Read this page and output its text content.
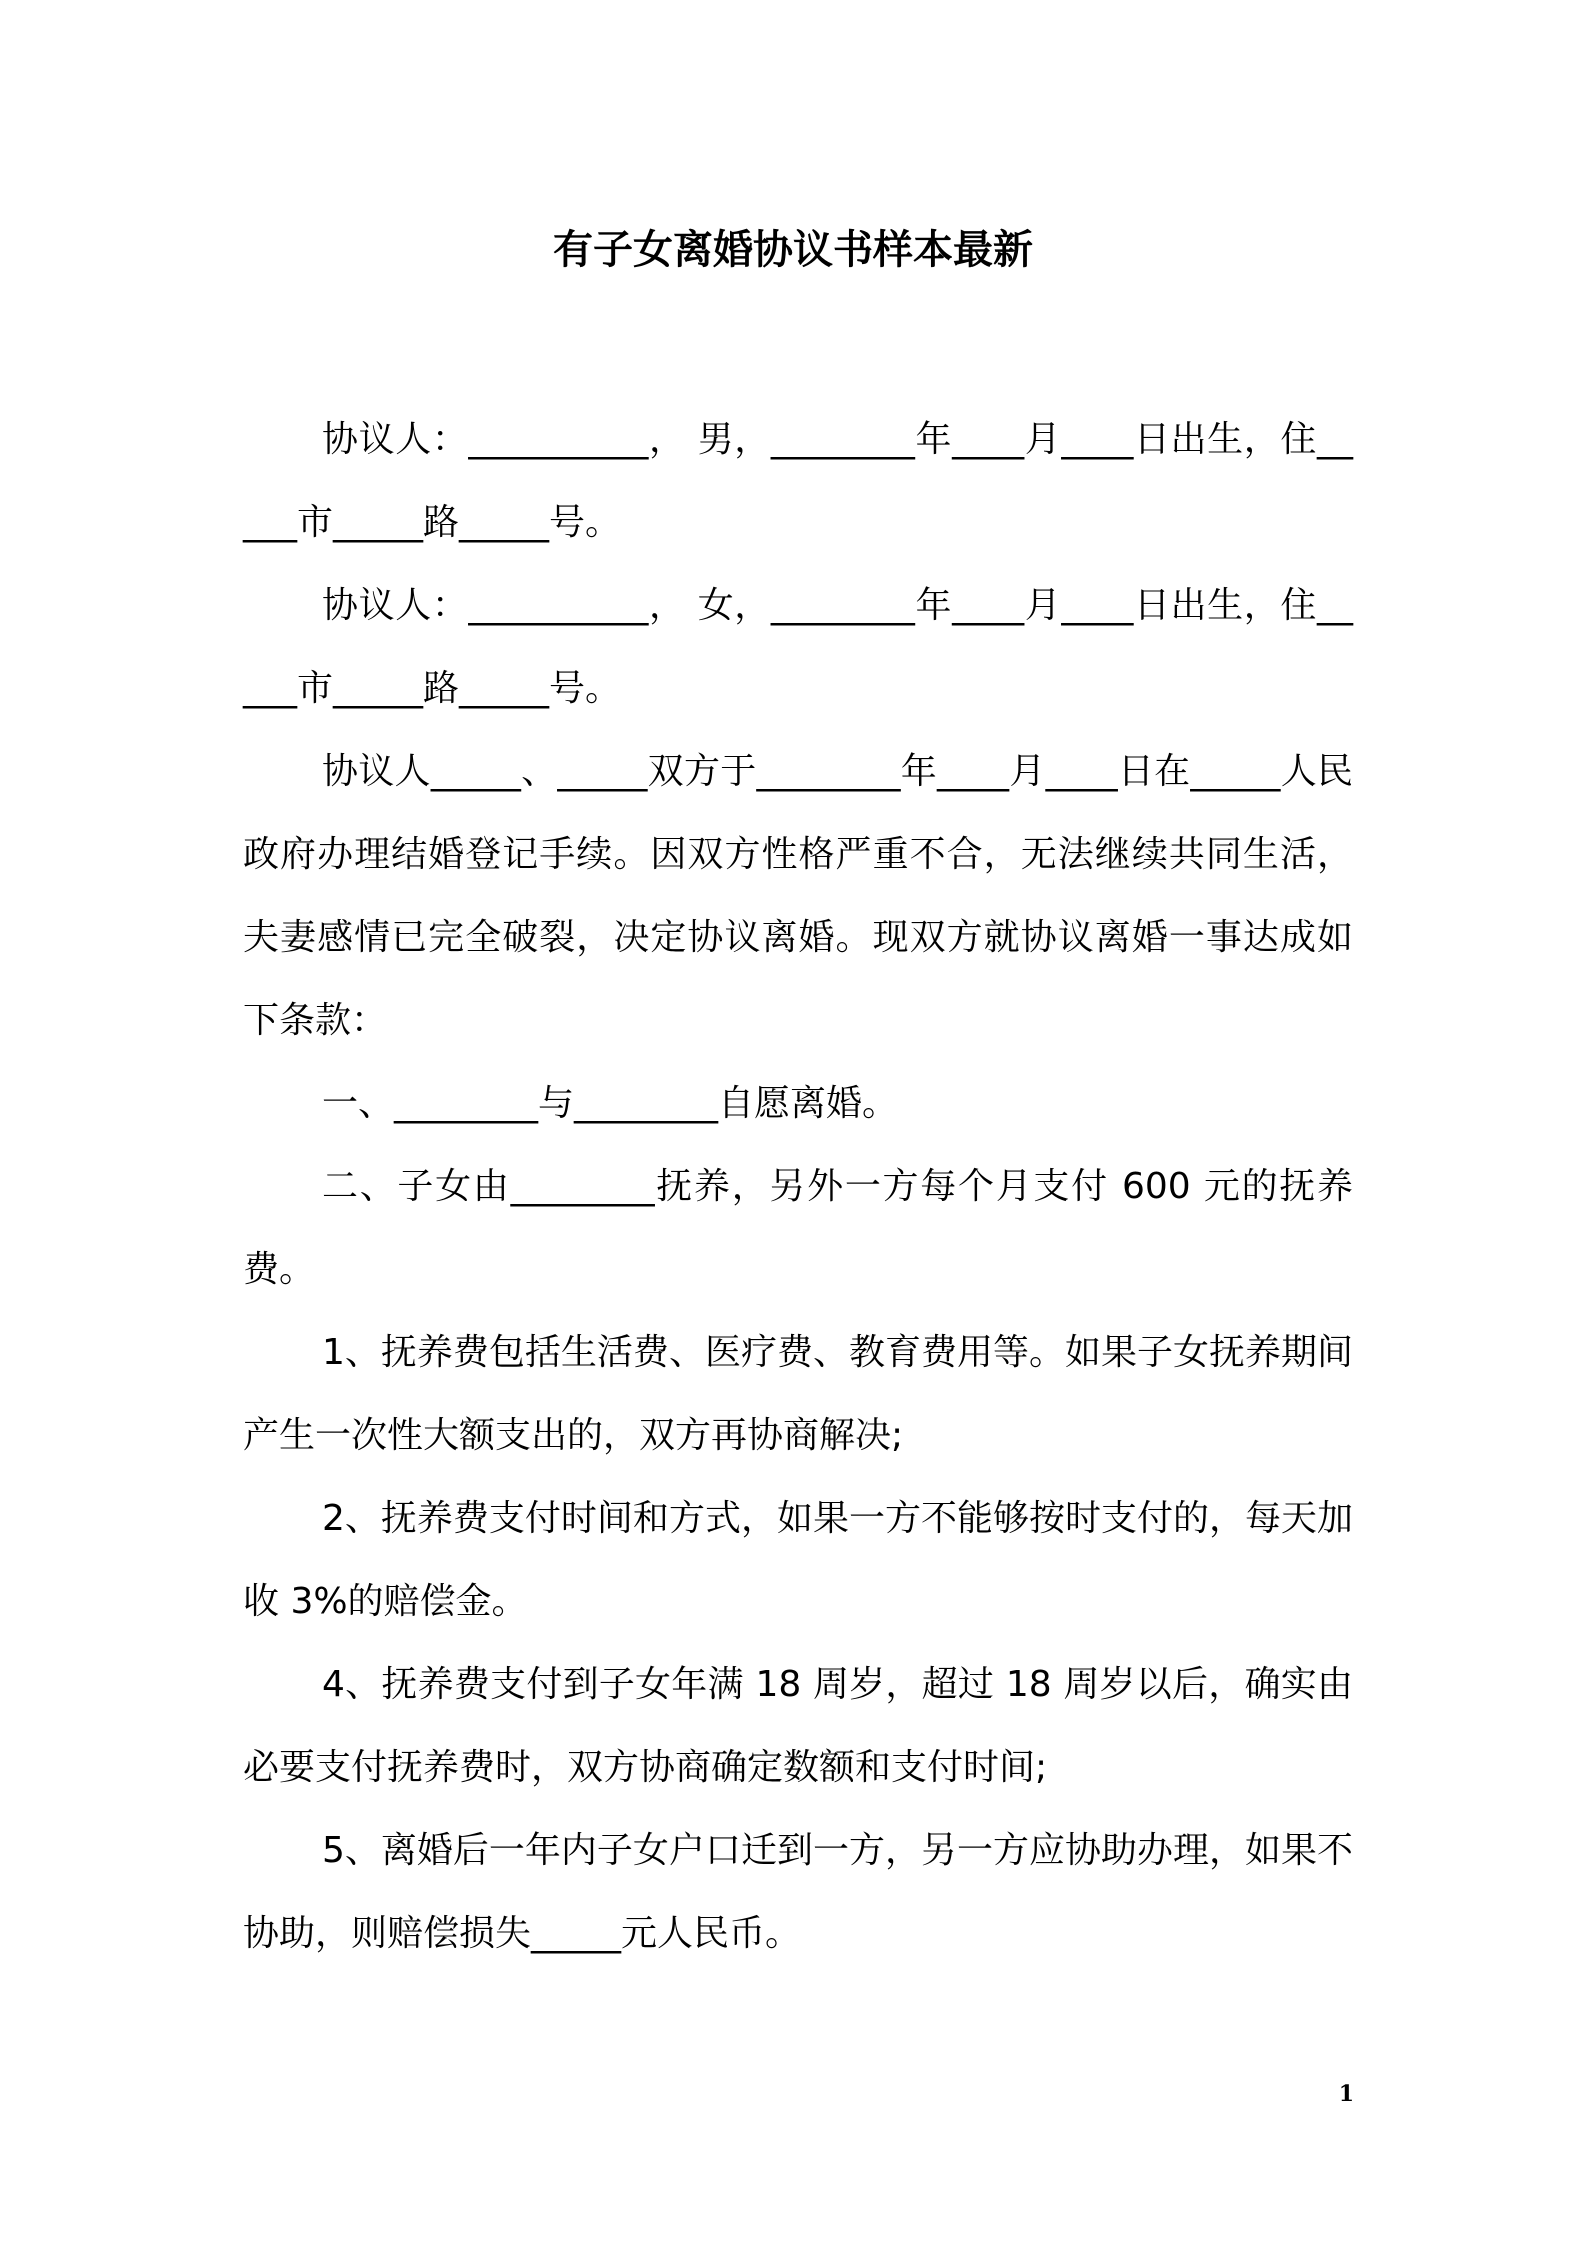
有子女离婚协议书样本最新

协议人：__________， 男，________年____月____日出生，住_____市_____路_____号。

协议人：__________， 女，________年____月____日出生，住_____市_____路_____号。

协议人_____、_____双方于________年____月____日在_____人民政府办理结婚登记手续。因双方性格严重不合，无法继续共同生活，夫妻感情已完全破裂，决定协议离婚。现双方就协议离婚一事达成如下条款：

一、________与________自愿离婚。

二、子女由________抚养，另外一方每个月支付 600 元的抚养费。

1、抚养费包括生活费、医疗费、教育费用等。如果子女抚养期间产生一次性大额支出的，双方再协商解决;

2、抚养费支付时间和方式，如果一方不能够按时支付的，每天加收 3%的赔偿金。

4、抚养费支付到子女年满 18 周岁，超过 18 周岁以后，确实由必要支付抚养费时，双方协商确定数额和支付时间;

5、离婚后一年内子女户口迁到一方，另一方应协助办理，如果不协助，则赔偿损失_____元人民币。

1
